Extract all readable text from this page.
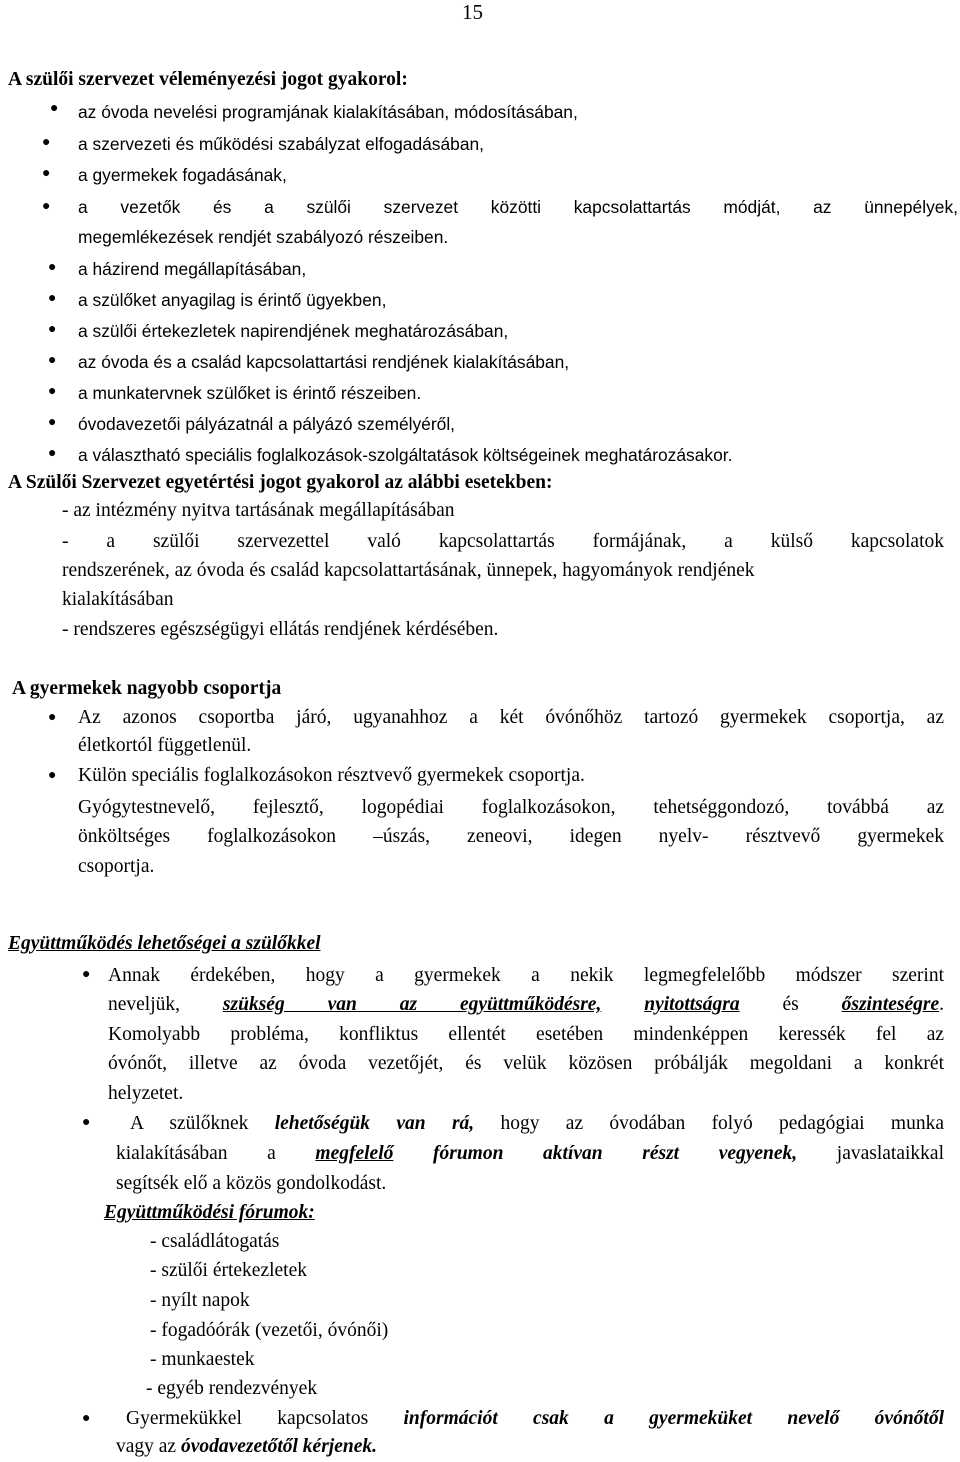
15
A szülői szervezet véleményezési jogot gyakorol:
● az óvoda nevelési programjának kialakításában, módosításában,
● a szervezeti és működési szabályzat elfogadásában,
● a gyermekek fogadásának,
● a vezetők és a szülői szervezet közötti kapcsolattartás módját, az ünnepélyek,
megemlékezések rendjét szabályozó részeiben.
● a házirend megállapításában,
● a szülőket anyagilag is érintő ügyekben,
● a szülői értekezletek napirendjének meghatározásában,
● az óvoda és a család kapcsolattartási rendjének kialakításában,
● a munkatervnek szülőket is érintő részeiben.
● óvodavezetői pályázatnál a pályázó személyéről,
● a választható speciális foglalkozások-szolgáltatások költségeinek meghatározásakor.
A Szülői Szervezet egyetértési jogot gyakorol az alábbi esetekben:
- az intézmény nyitva tartásának megállapításában
- a szülői szervezettel való kapcsolattartás formájának, a külső kapcsolatok
rendszerének, az óvoda és család kapcsolattartásának, ünnepek, hagyományok rendjének
kialakításában
- rendszeres egészségügyi ellátás rendjének kérdésében.
A gyermekek nagyobb csoportja
● Az azonos csoportba járó, ugyanahhoz a két óvónőhöz tartozó gyermekek csoportja, az
életkortól függetlenül.
● Külön speciális foglalkozásokon résztvevő gyermekek csoportja.
Gyógytestnevelő, fejlesztő, logopédiai foglalkozásokon, tehetséggondozó, továbbá az
önköltséges foglalkozásokon –úszás, zeneovi, idegen nyelv- résztvevő gyermekek
csoportja.
Együttműködés lehetőségei a szülőkkel
● Annak érdekében, hogy a gyermekek a nekik legmegfelelőbb módszer szerint
neveljük, szükség van az együttműködésre, nyitottságra és őszinteségre.
Komolyabb probléma, konfliktus ellentét esetében mindenképpen keressék fel az
óvónőt, illetve az óvoda vezetőjét, és velük közösen próbálják megoldani a konkrét
helyzetet.
● A szülőknek lehetőségük van rá, hogy az óvodában folyó pedagógiai munka
kialakításában a megfelelő fórumon aktívan részt vegyenek, javaslataikkal
segítsék elő a közös gondolkodást.
Együttműködési fórumok:
- családlátogatás
- szülői értekezletek
- nyílt napok
- fogadóórák (vezetői, óvónői)
- munkaestek
- egyéb rendezvények
● Gyermekükkel kapcsolatos információt csak a gyermeküket nevelő óvónőtől
vagy az óvodavezetőtől kérjenek.
